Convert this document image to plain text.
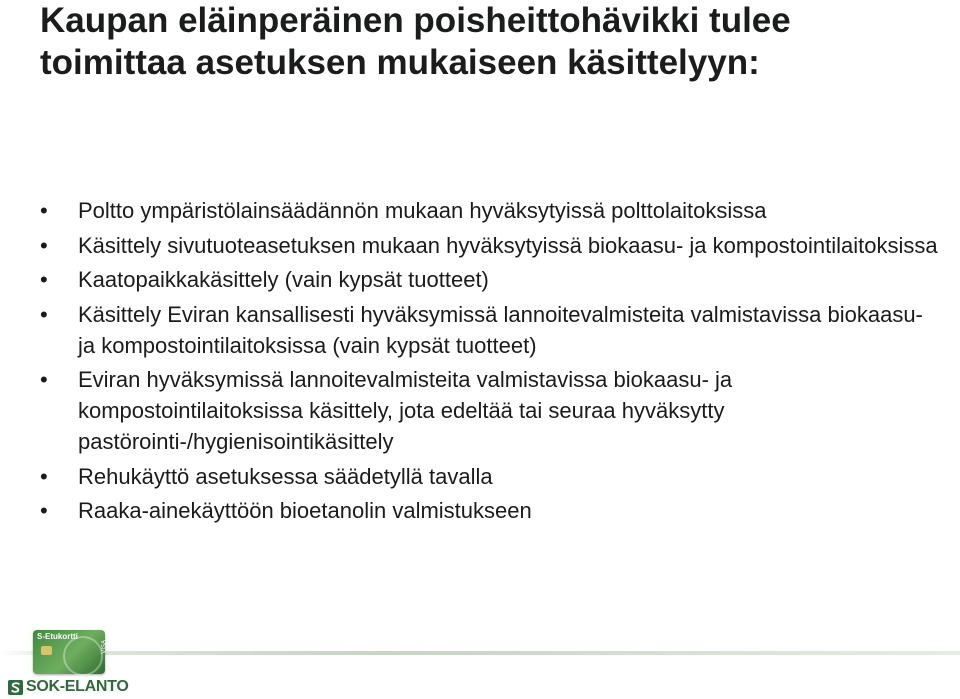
Kaupan eläinperäinen poisheittohävikki tulee toimittaa asetuksen mukaiseen käsittelyyn:
• Poltto ympäristölainsäädännön mukaan hyväksytyissä polttolaitoksissa
• Käsittely sivutuoteasetuksen mukaan hyväksytyissä biokaasu- ja kompostointilaitoksissa
• Kaatopaikkakäsittely (vain kypsät tuotteet)
• Käsittely Eviran kansallisesti hyväksymissä lannoitevalmisteita valmistavissa biokaasu- ja kompostointilaitoksissa (vain kypsät tuotteet)
• Eviran hyväksymissä lannoitevalmisteita valmistavissa biokaasu- ja kompostointilaitoksissa käsittely, jota edeltää tai seuraa hyväksytty pastörointi-/hygienisointikäsittely
• Rehukäyttö asetuksessa säädetyllä tavalla
• Raaka-ainekäyttöön bioetanolin valmistukseen
S-Etukortti
VISA
SOK-ELANTO
